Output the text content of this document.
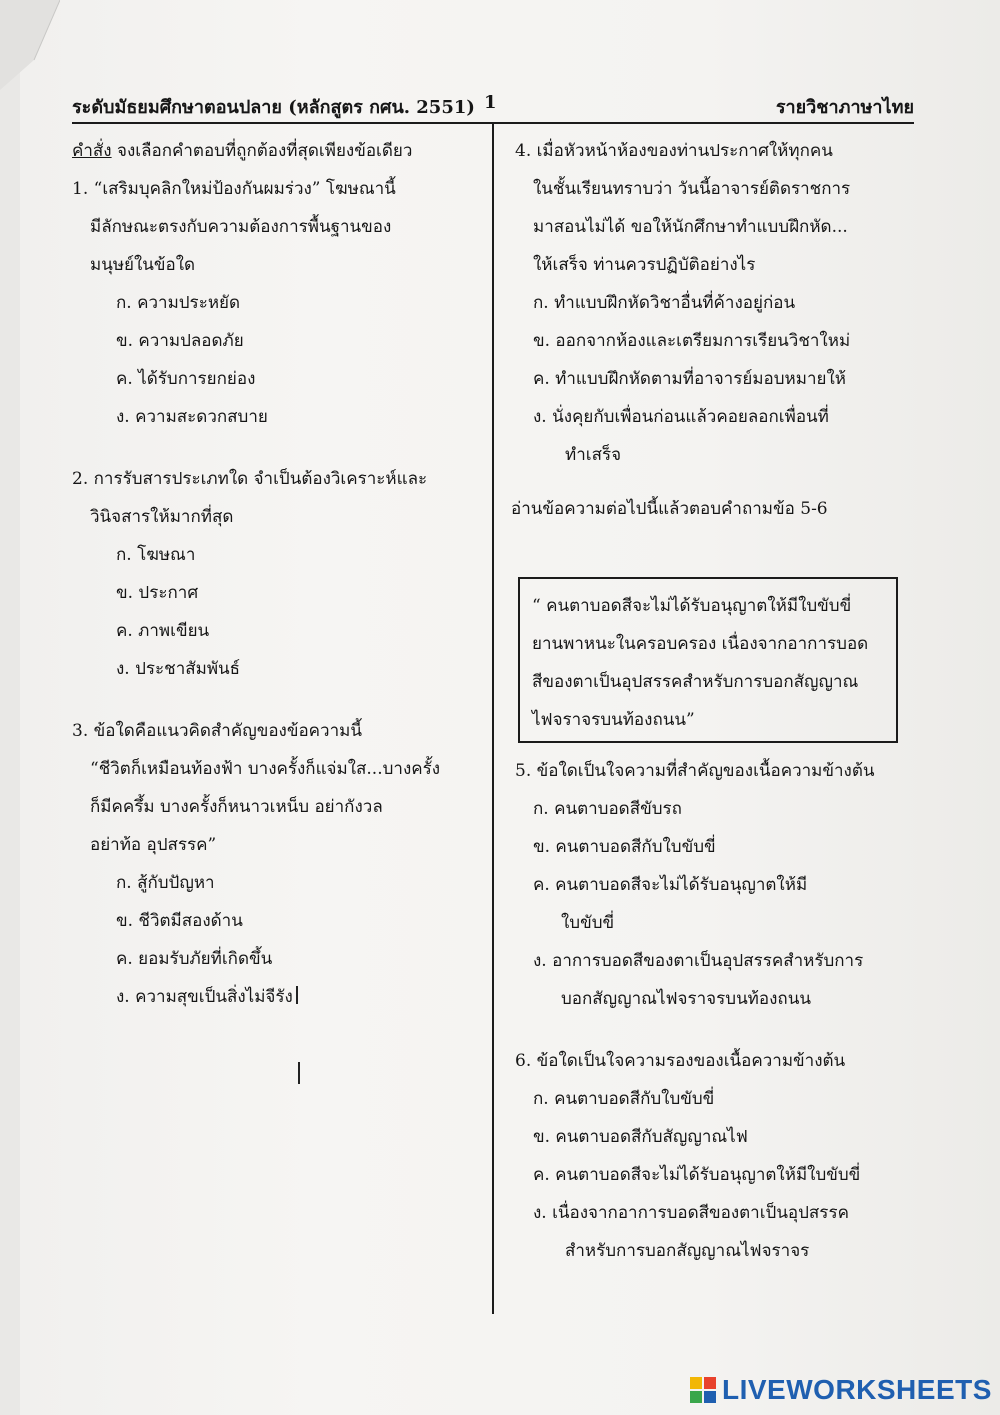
ระดับมัธยมศึกษาตอนปลาย (หลักสูตร กศน. 2551) 1	รายวิชาภาษาไทย
คำสั่ง จงเลือกคำตอบที่ถูกต้องที่สุดเพียงข้อเดียว
1. “เสริมบุคลิกใหม่ป้องกันผมร่วง” โฆษณานี้
มีลักษณะตรงกับความต้องการพื้นฐานของ
มนุษย์ในข้อใด
ก. ความประหยัด
ข. ความปลอดภัย
ค. ได้รับการยกย่อง
ง. ความสะดวกสบาย
2. การรับสารประเภทใด จำเป็นต้องวิเคราะห์และ
วินิจสารให้มากที่สุด
ก. โฆษณา
ข. ประกาศ
ค. ภาพเขียน
ง. ประชาสัมพันธ์
3. ข้อใดคือแนวคิดสำคัญของข้อความนี้
“ชีวิตก็เหมือนท้องฟ้า บางครั้งก็แจ่มใส...บางครั้ง
ก็มีคครึ้ม บางครั้งก็หนาวเหน็บ อย่ากังวล
อย่าท้อ อุปสรรค”
ก. สู้กับปัญหา
ข. ชีวิตมีสองด้าน
ค. ยอมรับภัยที่เกิดขึ้น
ง. ความสุขเป็นสิ่งไม่จีรัง
4. เมื่อหัวหน้าห้องของท่านประกาศให้ทุกคน
ในชั้นเรียนทราบว่า วันนี้อาจารย์ติดราชการ
มาสอนไม่ได้ ขอให้นักศึกษาทำแบบฝึกหัด...
ให้เสร็จ ท่านควรปฏิบัติอย่างไร
ก. ทำแบบฝึกหัดวิชาอื่นที่ค้างอยู่ก่อน
ข. ออกจากห้องและเตรียมการเรียนวิชาใหม่
ค. ทำแบบฝึกหัดตามที่อาจารย์มอบหมายให้
ง. นั่งคุยกับเพื่อนก่อนแล้วคอยลอกเพื่อนที่
ทำเสร็จ
อ่านข้อความต่อไปนี้แล้วตอบคำถามข้อ 5-6
“ คนตาบอดสีจะไม่ได้รับอนุญาตให้มีใบขับขี่
ยานพาหนะในครอบครอง เนื่องจากอาการบอด
สีของตาเป็นอุปสรรคสำหรับการบอกสัญญาณ
ไฟจราจรบนท้องถนน”
5. ข้อใดเป็นใจความที่สำคัญของเนื้อความข้างต้น
ก. คนตาบอดสีขับรถ
ข. คนตาบอดสีกับใบขับขี่
ค. คนตาบอดสีจะไม่ได้รับอนุญาตให้มี
ใบขับขี่
ง. อาการบอดสีของตาเป็นอุปสรรคสำหรับการ
บอกสัญญาณไฟจราจรบนท้องถนน
6. ข้อใดเป็นใจความรองของเนื้อความข้างต้น
ก. คนตาบอดสีกับใบขับขี่
ข. คนตาบอดสีกับสัญญาณไฟ
ค. คนตาบอดสีจะไม่ได้รับอนุญาตให้มีใบขับขี่
ง. เนื่องจากอาการบอดสีของตาเป็นอุปสรรค
สำหรับการบอกสัญญาณไฟจราจร
LIVEWORKSHEETS
